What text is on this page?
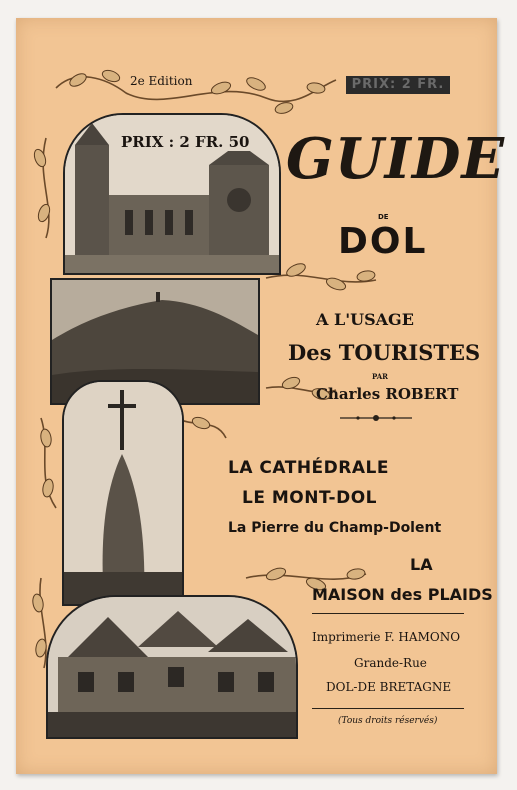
PRIX : 2 FR. 50
2e Edition	PRIX: 2 FR.
GUIDE
DE
DOL
A L'USAGE
Des TOURISTES
PAR
Charles ROBERT
LA CATHÉDRALE
LE MONT-DOL
La Pierre du Champ-Dolent
LA
MAISON des PLAIDS
Imprimerie F. HAMONO
Grande-Rue
DOL-DE BRETAGNE
(Tous droits réservés)
